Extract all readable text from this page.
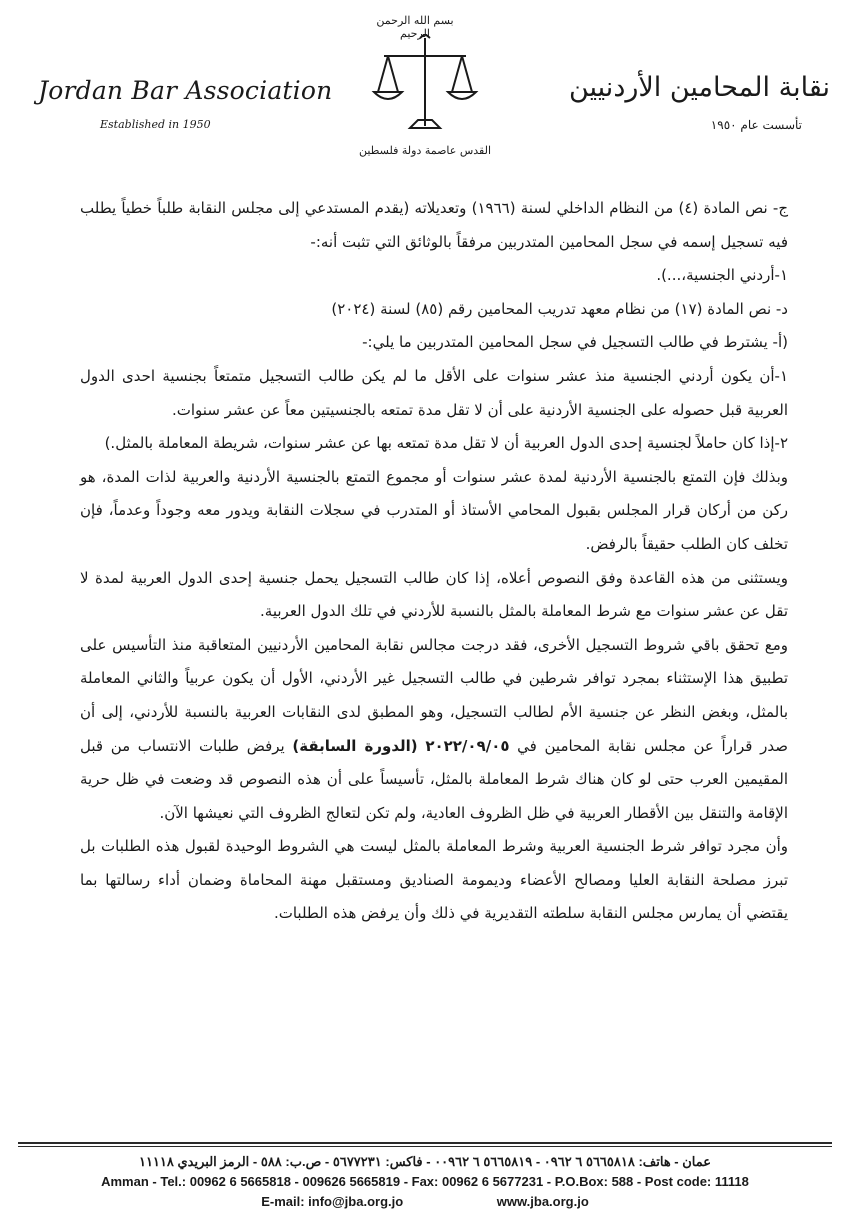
بسم الله الرحمن الرحيم
القدس عاصمة دولة فلسطين
Jordan Bar Association
Established in 1950
نقابة المحامين الأردنيين
تأسست عام ١٩٥٠

ج- نص المادة (٤) من النظام الداخلي لسنة (١٩٦٦) وتعديلاته (يقدم المستدعي إلى مجلس النقابة طلباً خطياً يطلب فيه تسجيل إسمه في سجل المحامين المتدربين مرفقاً بالوثائق التي تثبت أنه:-

١-أردني الجنسية،...).

د- نص المادة (١٧) من نظام معهد تدريب المحامين رقم (٨٥) لسنة (٢٠٢٤)

(أ- يشترط في طالب التسجيل في سجل المحامين المتدربين ما يلي:-

١-أن يكون أردني الجنسية منذ عشر سنوات على الأقل ما لم يكن طالب التسجيل متمتعاً بجنسية احدى الدول العربية قبل حصوله على الجنسية الأردنية على أن لا تقل مدة تمتعه بالجنسيتين معاً عن عشر سنوات.

٢-إذا كان حاملاً لجنسية إحدى الدول العربية أن لا تقل مدة تمتعه بها عن عشر سنوات، شريطة المعاملة بالمثل.)

وبذلك فإن التمتع بالجنسية الأردنية لمدة عشر سنوات أو مجموع التمتع بالجنسية الأردنية والعربية لذات المدة، هو ركن من أركان قرار المجلس بقبول المحامي الأستاذ أو المتدرب في سجلات النقابة ويدور معه وجوداً وعدماً، فإن تخلف كان الطلب حقيقاً بالرفض.

ويستثنى من هذه القاعدة وفق النصوص أعلاه، إذا كان طالب التسجيل يحمل جنسية إحدى الدول العربية لمدة لا تقل عن عشر سنوات مع شرط المعاملة بالمثل بالنسبة للأردني في تلك الدول العربية.

ومع تحقق باقي شروط التسجيل الأخرى، فقد درجت مجالس نقابة المحامين الأردنيين المتعاقبة منذ التأسيس على تطبيق هذا الإستثناء بمجرد توافر شرطين في طالب التسجيل غير الأردني، الأول أن يكون عربياً والثاني المعاملة بالمثل، وبغض النظر عن جنسية الأم لطالب التسجيل، وهو المطبق لدى النقابات العربية بالنسبة للأردني، إلى أن صدر قراراً عن مجلس نقابة المحامين في ٢٠٢٢/٠٩/٠٥ (الدورة السابقة) يرفض طلبات الانتساب من قبل المقيمين العرب حتى لو كان هناك شرط المعاملة بالمثل، تأسيساً على أن هذه النصوص قد وضعت في ظل حرية الإقامة والتنقل بين الأقطار العربية في ظل الظروف العادية، ولم تكن لتعالج الظروف التي نعيشها الآن.

وأن مجرد توافر شرط الجنسية العربية وشرط المعاملة بالمثل ليست هي الشروط الوحيدة لقبول هذه الطلبات بل تبرز مصلحة النقابة العليا ومصالح الأعضاء وديمومة الصناديق ومستقبل مهنة المحاماة وضمان أداء رسالتها بما يقتضي أن يمارس مجلس النقابة سلطته التقديرية في ذلك وأن يرفض هذه الطلبات.

عمان - هاتف: ٥٦٦٥٨١٨ ٦ ٠٩٦٢ - ٥٦٦٥٨١٩ ٦ ٠٠٩٦٢ - فاكس: ٥٦٧٧٢٣١ - ص.ب: ٥٨٨ - الرمز البريدي ١١١١٨
Amman - Tel.: 00962 6 5665818 - 009626 5665819 - Fax: 00962 6 5677231 - P.O.Box: 588 - Post code: 11118
E-mail: info@jba.org.jo	www.jba.org.jo
